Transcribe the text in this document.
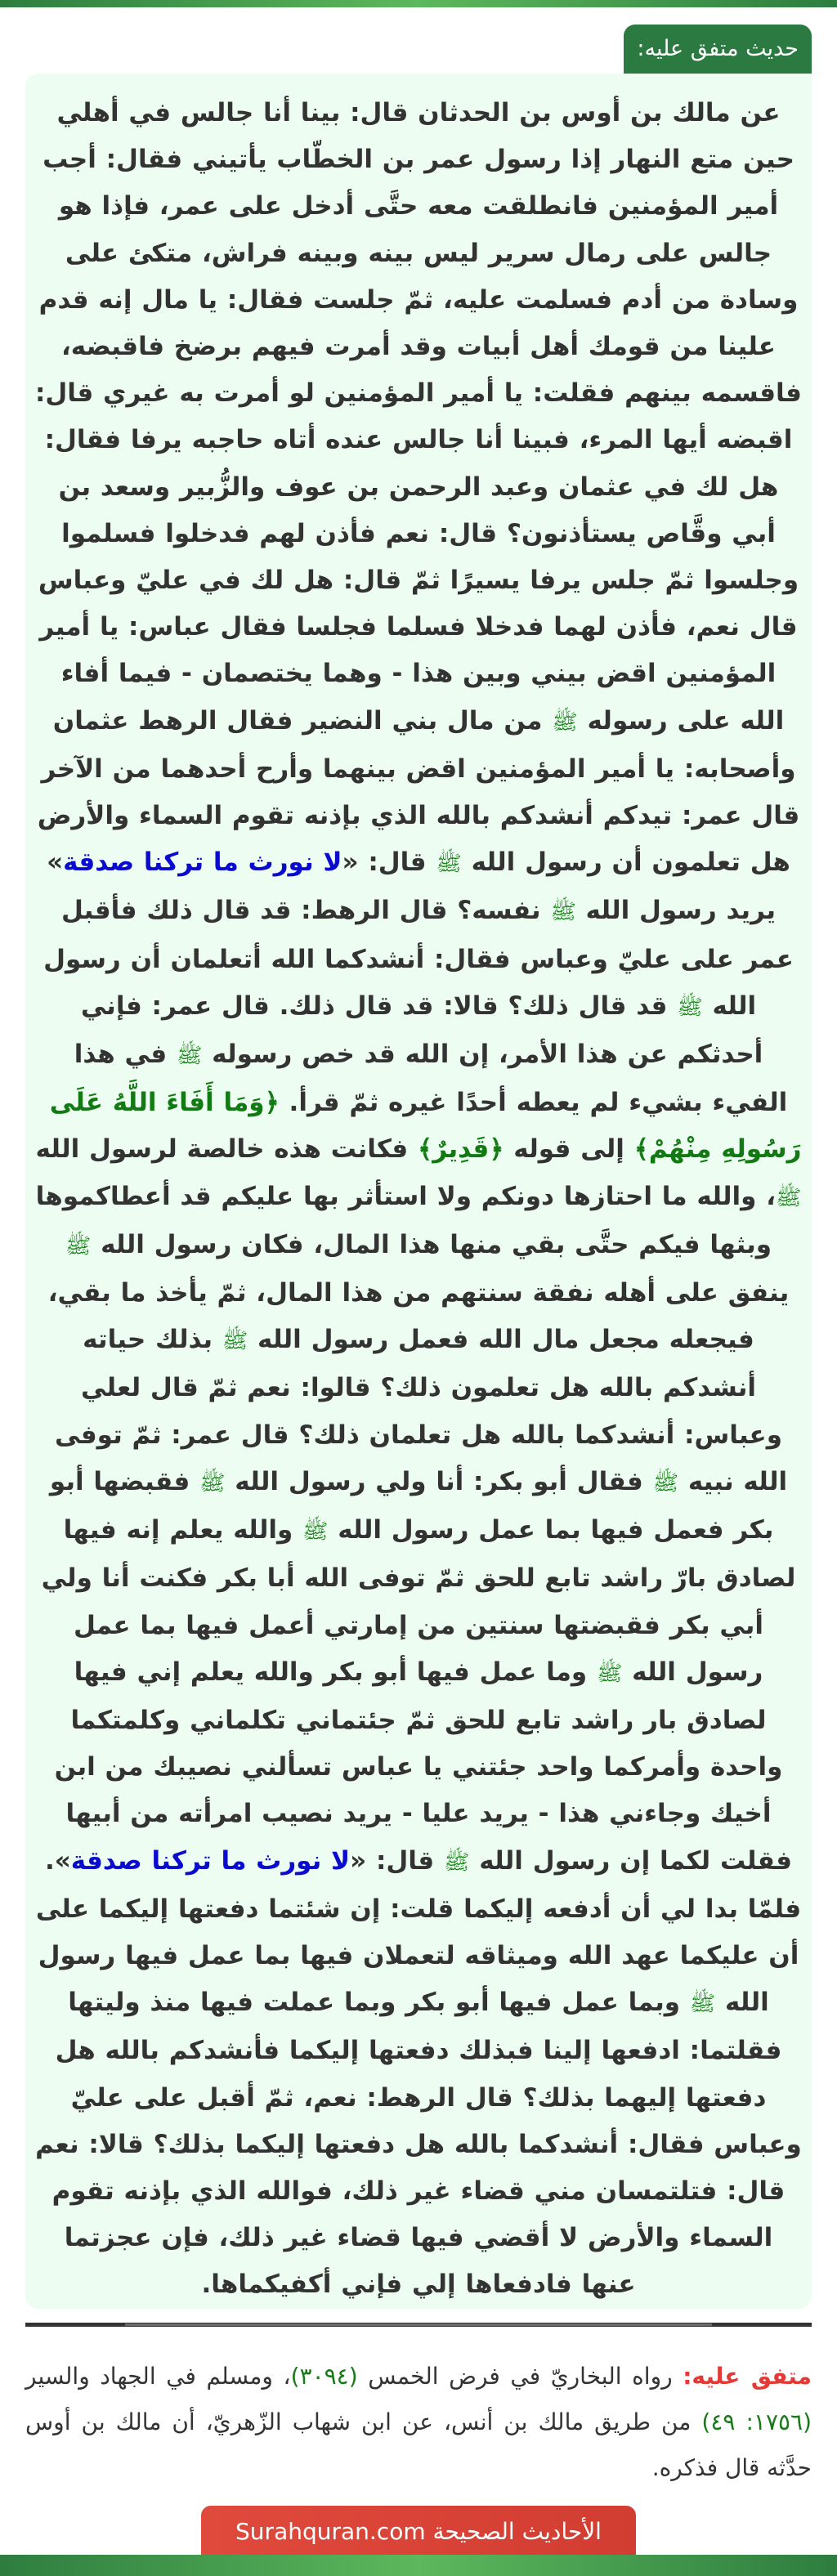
حديث متفق عليه:

عن مالك بن أوس بن الحدثان قال: بينا أنا جالس في أهلي حين متع النهار إذا رسول عمر بن الخطّاب يأتيني فقال: أجب أمير المؤمنين فانطلقت معه حتَّى أدخل على عمر، فإذا هو جالس على رمال سرير ليس بينه وبينه فراش، متكئ على وسادة من أدم فسلمت عليه، ثمّ جلست فقال: يا مال إنه قدم علينا من قومك أهل أبيات وقد أمرت فيهم برضخ فاقبضه، فاقسمه بينهم فقلت: يا أمير المؤمنين لو أمرت به غيري قال: اقبضه أيها المرء، فبينا أنا جالس عنده أتاه حاجبه يرفا فقال: هل لك في عثمان وعبد الرحمن بن عوف والزُّبير وسعد بن أبي وقَّاص يستأذنون؟ قال: نعم فأذن لهم فدخلوا فسلموا وجلسوا ثمّ جلس يرفا يسيرًا ثمّ قال: هل لك في عليّ وعباس قال نعم، فأذن لهما فدخلا فسلما فجلسا فقال عباس: يا أمير المؤمنين اقض بيني وبين هذا - وهما يختصمان - فيما أفاء الله على رسوله ﷺ من مال بني النضير فقال الرهط عثمان وأصحابه: يا أمير المؤمنين اقض بينهما وأرح أحدهما من الآخر قال عمر: تيدكم أنشدكم بالله الذي بإذنه تقوم السماء والأرض هل تعلمون أن رسول الله ﷺ قال: «لا نورث ما تركنا صدقة» يريد رسول الله ﷺ نفسه؟ قال الرهط: قد قال ذلك فأقبل عمر على عليّ وعباس فقال: أنشدكما الله أتعلمان أن رسول الله ﷺ قد قال ذلك؟ قالا: قد قال ذلك. قال عمر: فإني أحدثكم عن هذا الأمر، إن الله قد خص رسوله ﷺ في هذا الفيء بشيء لم يعطه أحدًا غيره ثمّ قرأ. ﴿وَمَا أَفَاءَ اللَّهُ عَلَى رَسُولِهِ مِنْهُمْ﴾ إلى قوله ﴿قَدِيرٌ﴾ فكانت هذه خالصة لرسول الله ﷺ، والله ما احتازها دونكم ولا استأثر بها عليكم قد أعطاكموها وبثها فيكم حتَّى بقي منها هذا المال، فكان رسول الله ﷺ ينفق على أهله نفقة سنتهم من هذا المال، ثمّ يأخذ ما بقي، فيجعله مجعل مال الله فعمل رسول الله ﷺ بذلك حياته أنشدكم بالله هل تعلمون ذلك؟ قالوا: نعم ثمّ قال لعلي وعباس: أنشدكما بالله هل تعلمان ذلك؟ قال عمر: ثمّ توفى الله نبيه ﷺ فقال أبو بكر: أنا ولي رسول الله ﷺ فقبضها أبو بكر فعمل فيها بما عمل رسول الله ﷺ والله يعلم إنه فيها لصادق بارّ راشد تابع للحق ثمّ توفى الله أبا بكر فكنت أنا ولي أبي بكر فقبضتها سنتين من إمارتي أعمل فيها بما عمل رسول الله ﷺ وما عمل فيها أبو بكر والله يعلم إني فيها لصادق بار راشد تابع للحق ثمّ جئتماني تكلماني وكلمتكما واحدة وأمركما واحد جئتني يا عباس تسألني نصيبك من ابن أخيك وجاءني هذا - يريد عليا - يريد نصيب امرأته من أبيها فقلت لكما إن رسول الله ﷺ قال: «لا نورث ما تركنا صدقة». فلمّا بدا لي أن أدفعه إليكما قلت: إن شئتما دفعتها إليكما على أن عليكما عهد الله وميثاقه لتعملان فيها بما عمل فيها رسول الله ﷺ وبما عمل فيها أبو بكر وبما عملت فيها منذ وليتها فقلتما: ادفعها إلينا فبذلك دفعتها إليكما فأنشدكم بالله هل دفعتها إليهما بذلك؟ قال الرهط: نعم، ثمّ أقبل على عليّ وعباس فقال: أنشدكما بالله هل دفعتها إليكما بذلك؟ قالا: نعم قال: فتلتمسان مني قضاء غير ذلك، فوالله الذي بإذنه تقوم السماء والأرض لا أقضي فيها قضاء غير ذلك، فإن عجزتما عنها فادفعاها إلي فإني أكفيكماها.

متفق عليه: رواه البخاريّ في فرض الخمس (٣٠٩٤)، ومسلم في الجهاد والسير (١٧٥٦: ٤٩) من طريق مالك بن أنس، عن ابن شهاب الزّهريّ، أن مالك بن أوس حدَّثه قال فذكره.

الأحاديث الصحيحة Surahquran.com
